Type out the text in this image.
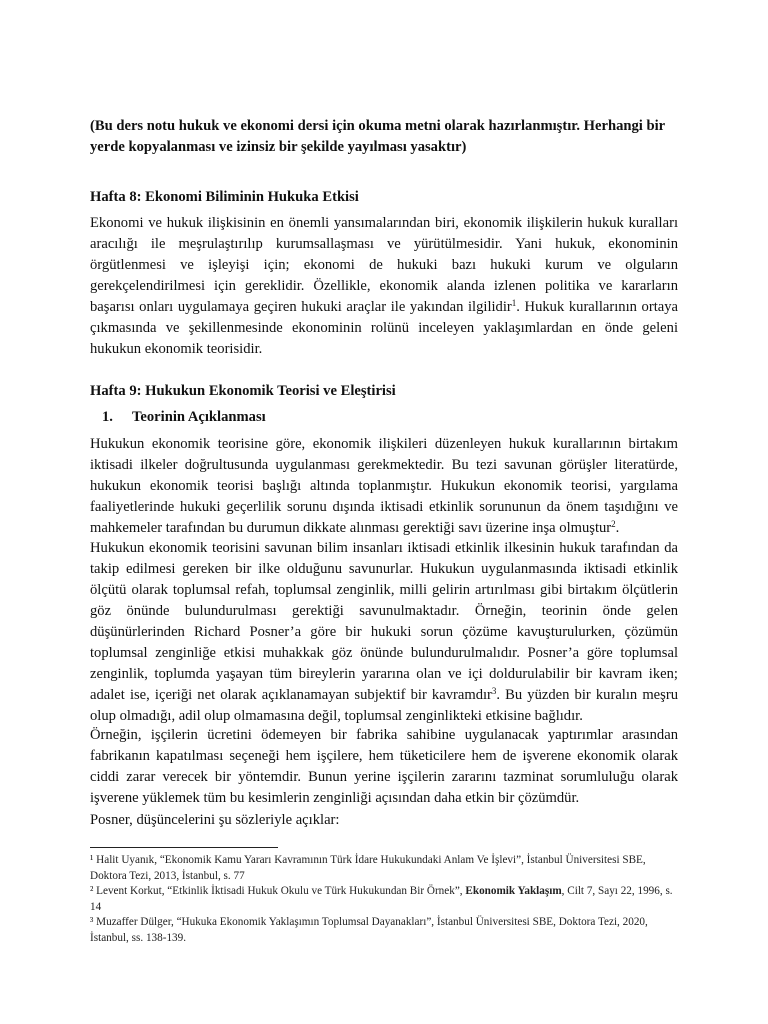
(Bu ders notu hukuk ve ekonomi dersi için okuma metni olarak hazırlanmıştır. Herhangi bir yerde kopyalanması ve izinsiz bir şekilde yayılması yasaktır)
Hafta 8: Ekonomi Biliminin Hukuka Etkisi
Ekonomi ve hukuk ilişkisinin en önemli yansımalarından biri, ekonomik ilişkilerin hukuk kuralları aracılığı ile meşrulaştırılıp kurumsallaşması ve yürütülmesidir. Yani hukuk, ekonominin örgütlenmesi ve işleyişi için; ekonomi de hukuki bazı hukuki kurum ve olguların gerekçelendirilmesi için gereklidir. Özellikle, ekonomik alanda izlenen politika ve kararların başarısı onları uygulamaya geçiren hukuki araçlar ile yakından ilgilidir$^1$. Hukuk kurallarının ortaya çıkmasında ve şekillenmesinde ekonominin rolünü inceleyen yaklaşımlardan en önde geleni hukukun ekonomik teorisidir.
Hafta 9: Hukukun Ekonomik Teorisi ve Eleştirisi
1. Teorinin Açıklanması
Hukukun ekonomik teorisine göre, ekonomik ilişkileri düzenleyen hukuk kurallarının birtakım iktisadi ilkeler doğrultusunda uygulanması gerekmektedir. Bu tezi savunan görüşler literatürde, hukukun ekonomik teorisi başlığı altında toplanmıştır. Hukukun ekonomik teorisi, yargılama faaliyetlerinde hukuki geçerlilik sorunu dışında iktisadi etkinlik sorununun da önem taşıdığını ve mahkemeler tarafından bu durumun dikkate alınması gerektiği savı üzerine inşa olmuştur$^2$.
Hukukun ekonomik teorisini savunan bilim insanları iktisadi etkinlik ilkesinin hukuk tarafından da takip edilmesi gereken bir ilke olduğunu savunurlar. Hukukun uygulanmasında iktisadi etkinlik ölçütü olarak toplumsal refah, toplumsal zenginlik, milli gelirin artırılması gibi birtakım ölçütlerin göz önünde bulundurulması gerektiği savunulmaktadır. Örneğin, teorinin önde gelen düşünürlerinden Richard Posner’a göre bir hukuki sorun çözüme kavuşturulurken, çözümün toplumsal zenginliğe etkisi muhakkak göz önünde bulundurulmalıdır. Posner’a göre toplumsal zenginlik, toplumda yaşayan tüm bireylerin yararına olan ve içi doldurulabilir bir kavram iken; adalet ise, içeriği net olarak açıklanamayan subjektif bir kavramdır$^3$. Bu yüzden bir kuralın meşru olup olmadığı, adil olup olmamasına değil, toplumsal zenginlikteki etkisine bağlıdır.
Örneğin, işçilerin ücretini ödemeyen bir fabrika sahibine uygulanacak yaptırımlar arasından fabrikanın kapatılması seçeneği hem işçilere, hem tüketicilere hem de işverene ekonomik olarak ciddi zarar verecek bir yöntemdir. Bunun yerine işçilerin zararını tazminat sorumluluğu olarak işverene yüklemek tüm bu kesimlerin zenginliği açısından daha etkin bir çözümdür.
Posner, düşüncelerini şu sözleriyle açıklar:
¹ Halit Uyanık, “Ekonomik Kamu Yararı Kavramının Türk İdare Hukukundaki Anlam Ve İşlevi”, İstanbul Üniversitesi SBE, Doktora Tezi, 2013, İstanbul, s. 77
² Levent Korkut, “Etkinlik İktisadi Hukuk Okulu ve Türk Hukukundan Bir Örnek”, Ekonomik Yaklaşım, Cilt 7, Sayı 22, 1996, s. 14
³ Muzaffer Dülger, “Hukuka Ekonomik Yaklaşımın Toplumsal Dayanakları”, İstanbul Üniversitesi SBE, Doktora Tezi, 2020, İstanbul, ss. 138-139.
